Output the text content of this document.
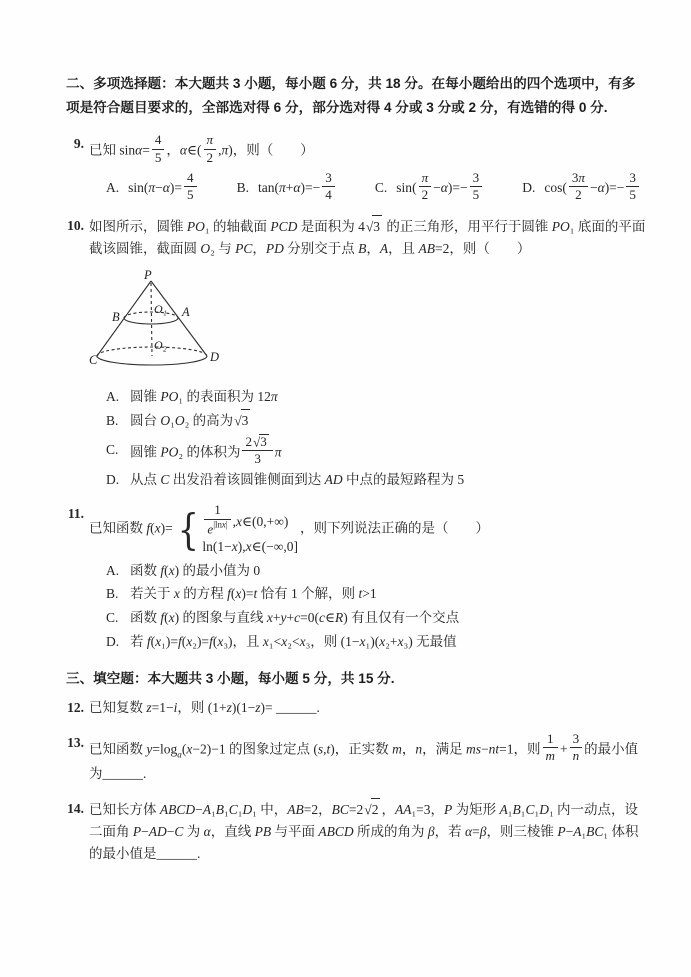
二、多项选择题：本大题共 3 小题，每小题 6 分，共 18 分。在每小题给出的四个选项中，有多项是符合题目要求的，全部选对得 6 分，部分选对得 4 分或 3 分或 2 分，有选错的得 0 分.

9. 已知 $\sin\alpha= \frac{4}{5}$ ，α∈( $\frac{\pi}{2} ,\pi$)，则（　　）
A. $\sin(\pi-\alpha)= \frac{4}{5}$	B. $\tan(\pi+\alpha)=- \frac{3}{4}$	C. $\sin( \frac{\pi}{2} -\alpha)=- \frac{3}{5}$	D. $\cos( \frac{3\pi}{2} -\alpha)=- \frac{3}{5}$
10. 如图所示，圆锥 PO₁ 的轴截面 PCD 是面积为 4√3 的正三角形，用平行于圆锥 PO₁ 底面的平面截该圆锥，截面圆 O₂ 与 PC，PD 分别交于点 B，A，且 AB=2，则（　　）
P
B	A
O₁
C	D
O₂
A. 圆锥 PO₁ 的表面积为 12π
B. 圆台 O₁O₂ 的高为√3
C. 圆锥 PO₂ 的体积为 $\frac{2√3}{3}$ π
D. 从点 C 出发沿着该圆锥侧面到达 AD 中点的最短路程为 5
11.
已知函数 f(x)= { $\frac{1}{e^{|lnx|}}$ ,x∈(0,+∞)
ln(1−x),x∈(−∞,0]
，则下列说法正确的是（　　）
A. 函数 f(x) 的最小值为 0
B. 若关于 x 的方程 f(x)=t 恰有 1 个解，则 t>1
C. 函数 f(x) 的图象与直线 x+y+c=0(c∈R) 有且仅有一个交点
D. 若 f(x₁)=f(x₂)=f(x₃)，且 x₁<x₂<x₃，则 (1−x₁)(x₂+x₃) 无最值

三、填空题：本大题共 3 小题，每小题 5 分，共 15 分.

12. 已知复数 z=1−i，则 (1+z)(1−z)= ______.
13. 已知函数 $y=\log_a(x-2)-1$ 的图象过定点 (s,t)，正实数 m，n，满足 ms−nt=1，则 $\frac{1}{m} + \frac{3}{n}$ 的最小值为______.
14. 已知长方体 ABCD−A₁B₁C₁D₁ 中，AB=2，BC=2√2 ，AA₁=3，P 为矩形 A₁B₁C₁D₁ 内一动点，设二面角 P−AD−C 为 α，直线 PB 与平面 ABCD 所成的角为 β，若 α=β，则三棱锥 P−A₁BC₁ 体积的最小值是______.
